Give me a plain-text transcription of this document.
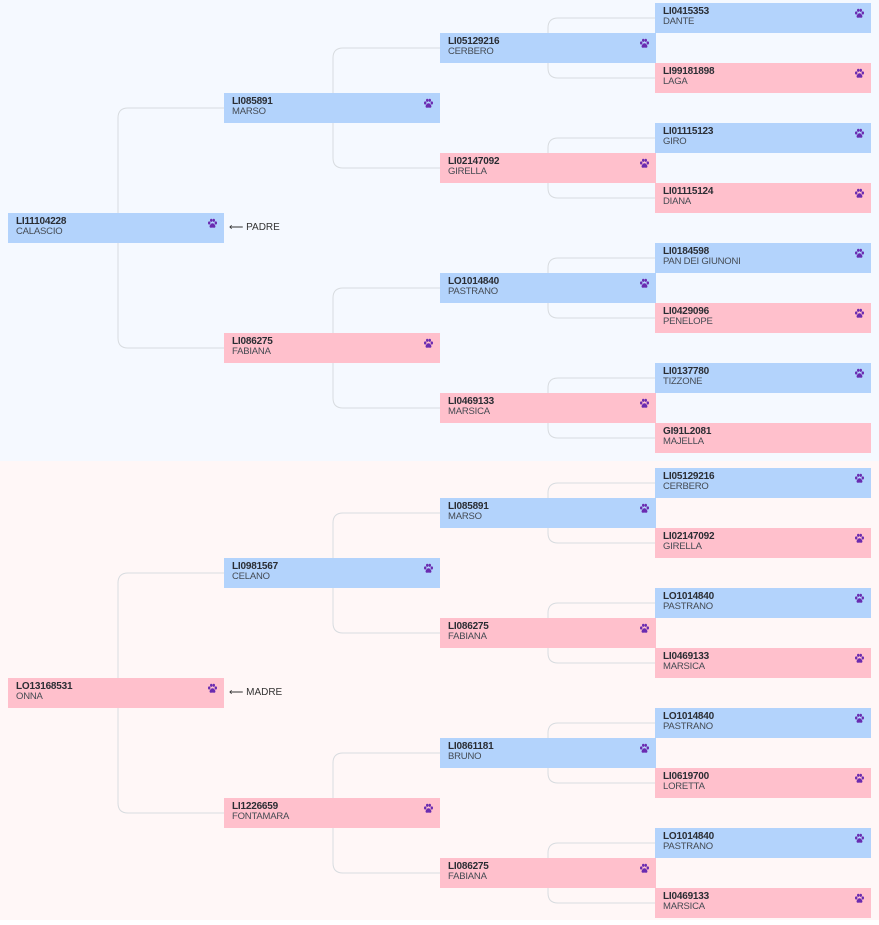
LI11104228
CALASCIO	⟵ PADRE
LI085891
MARSO
LI086275
FABIANA
LI05129216
CERBERO
LI02147092
GIRELLA
LO1014840
PASTRANO
LI0469133
MARSICA
LI0415353
DANTE
LI99181898
LAGA
LI01115123
GIRO
LI01115124
DIANA
LI0184598
PAN DEI GIUNONI
LI0429096
PENELOPE
LI0137780
TIZZONE
GI91L2081
MAJELLA
LO13168531
ONNA	⟵ MADRE
LI0981567
CELANO
LI1226659
FONTAMARA
LI085891
MARSO
LI086275
FABIANA
LI0861181
BRUNO
LI086275
FABIANA
LI05129216
CERBERO
LI02147092
GIRELLA
LO1014840
PASTRANO
LI0469133
MARSICA
LO1014840
PASTRANO
LI0619700
LORETTA
LO1014840
PASTRANO
LI0469133
MARSICA
